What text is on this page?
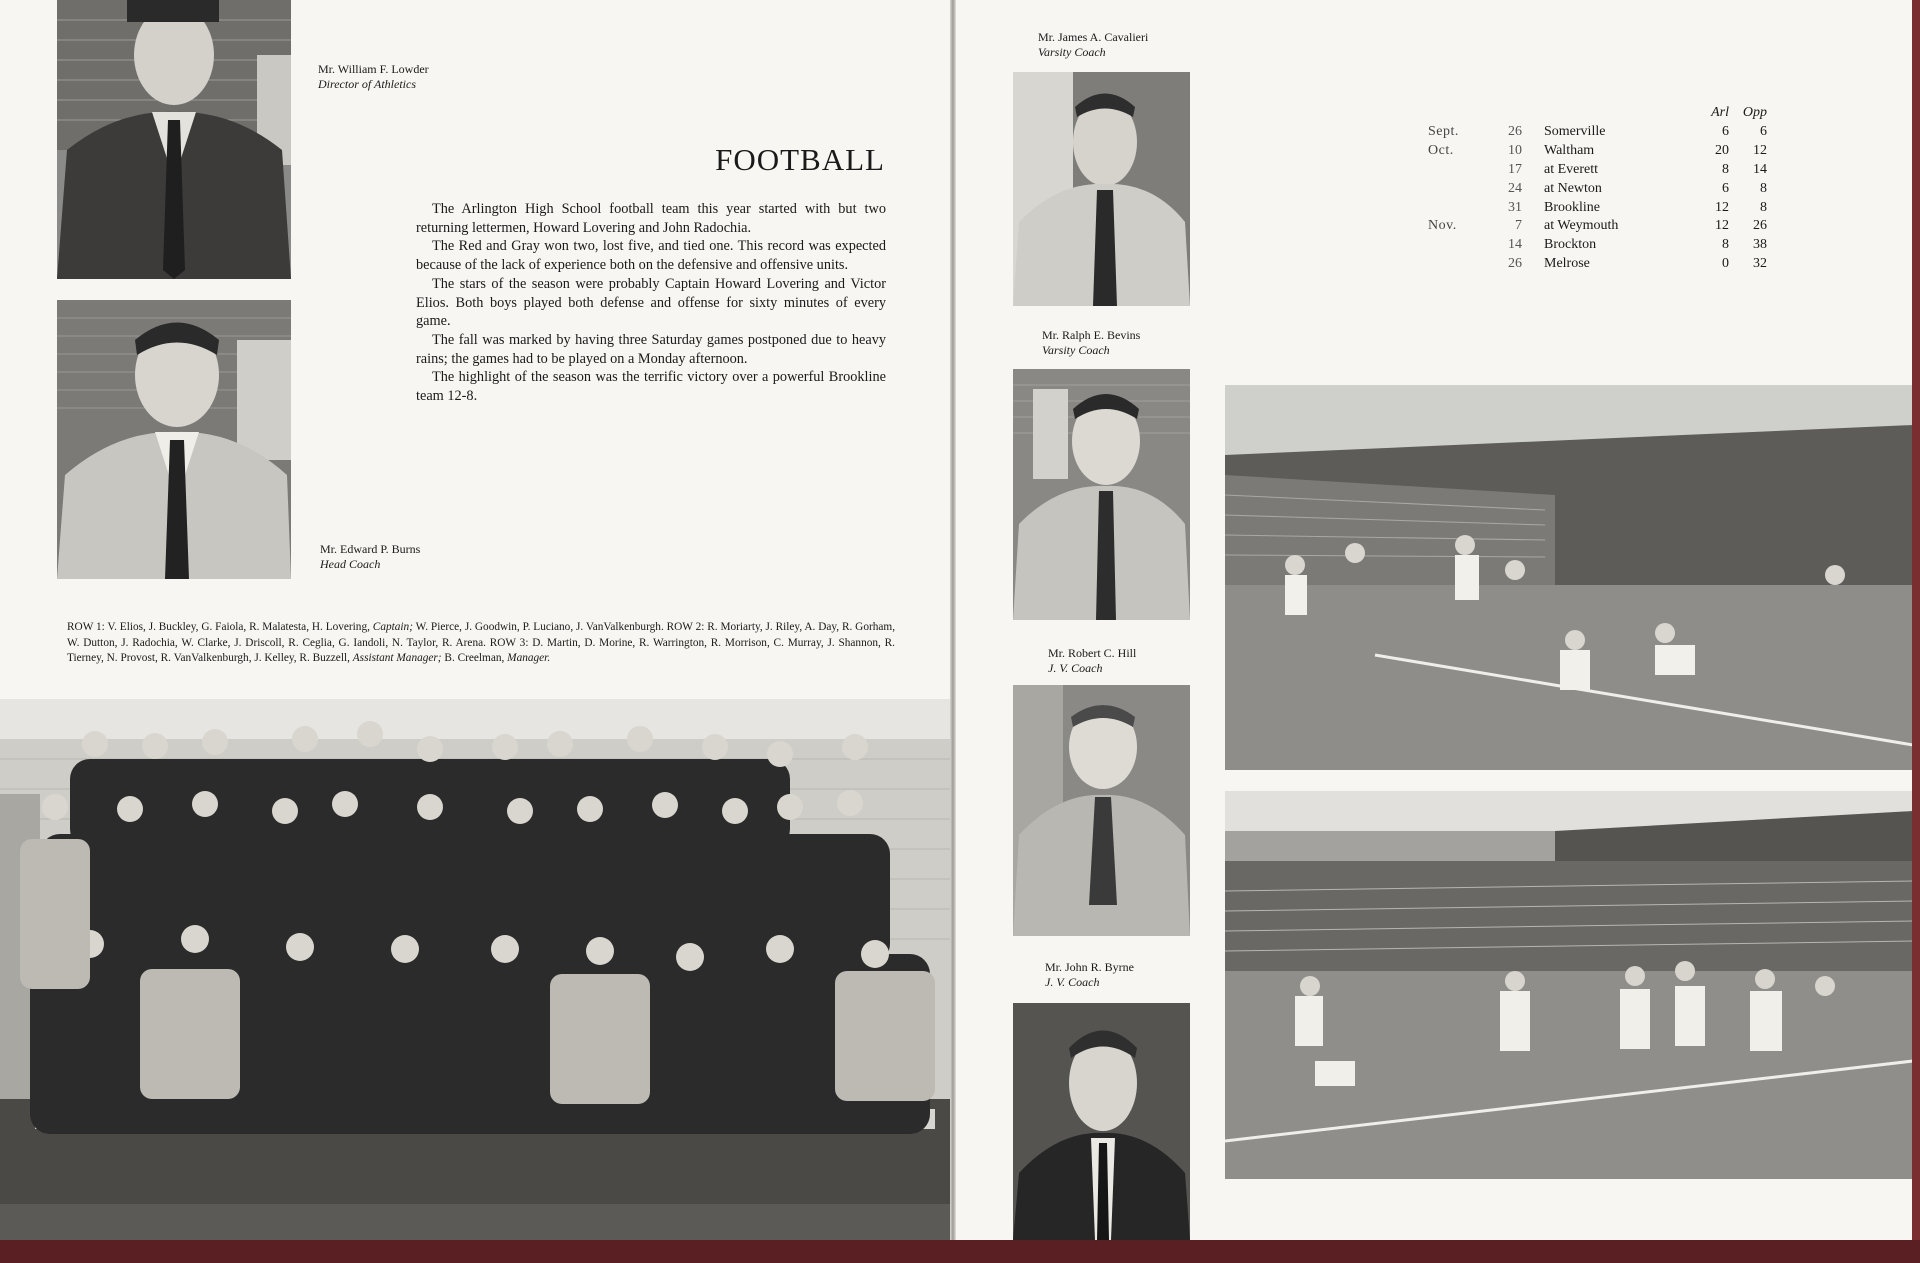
Mr. William F. Lowder
Director of Athletics
Mr. Edward P. Burns
Head Coach
FOOTBALL

The Arlington High School football team this year started with but two returning lettermen, Howard Lovering and John Radochia.

The Red and Gray won two, lost five, and tied one. This record was expected because of the lack of experience both on the defensive and offensive units.

The stars of the season were probably Captain Howard Lovering and Victor Elios. Both boys played both defense and offense for sixty minutes of every game.

The fall was marked by having three Saturday games postponed due to heavy rains; the games had to be played on a Monday afternoon.

The highlight of the season was the terrific victory over a powerful Brookline team 12-8.

ROW 1: V. Elios, J. Buckley, G. Faiola, R. Malatesta, H. Lovering, Captain; W. Pierce, J. Goodwin, P. Luciano, J. VanValkenburgh. ROW 2: R. Moriarty, J. Riley, A. Day, R. Gorham, W. Dutton, J. Radochia, W. Clarke, J. Driscoll, R. Ceglia, G. Iandoli, N. Taylor, R. Arena. ROW 3: D. Martin, D. Morine, R. Warrington, R. Morrison, C. Murray, J. Shannon, R. Tierney, N. Provost, R. VanValkenburgh, J. Kelley, R. Buzzell, Assistant Manager; B. Creelman, Manager.
Mr. James A. Cavalieri
Varsity Coach
Mr. Ralph E. Bevins
Varsity Coach
Mr. Robert C. Hill
J. V. Coach
Mr. John R. Byrne
J. V. Coach
			Arl	Opp
Sept.	26	Somerville	6	6
Oct.	10	Waltham	20	12
	17	at Everett	8	14
	24	at Newton	6	8
	31	Brookline	12	8
Nov.	7	at Weymouth	12	26
	14	Brockton	8	38
	26	Melrose	0	32
